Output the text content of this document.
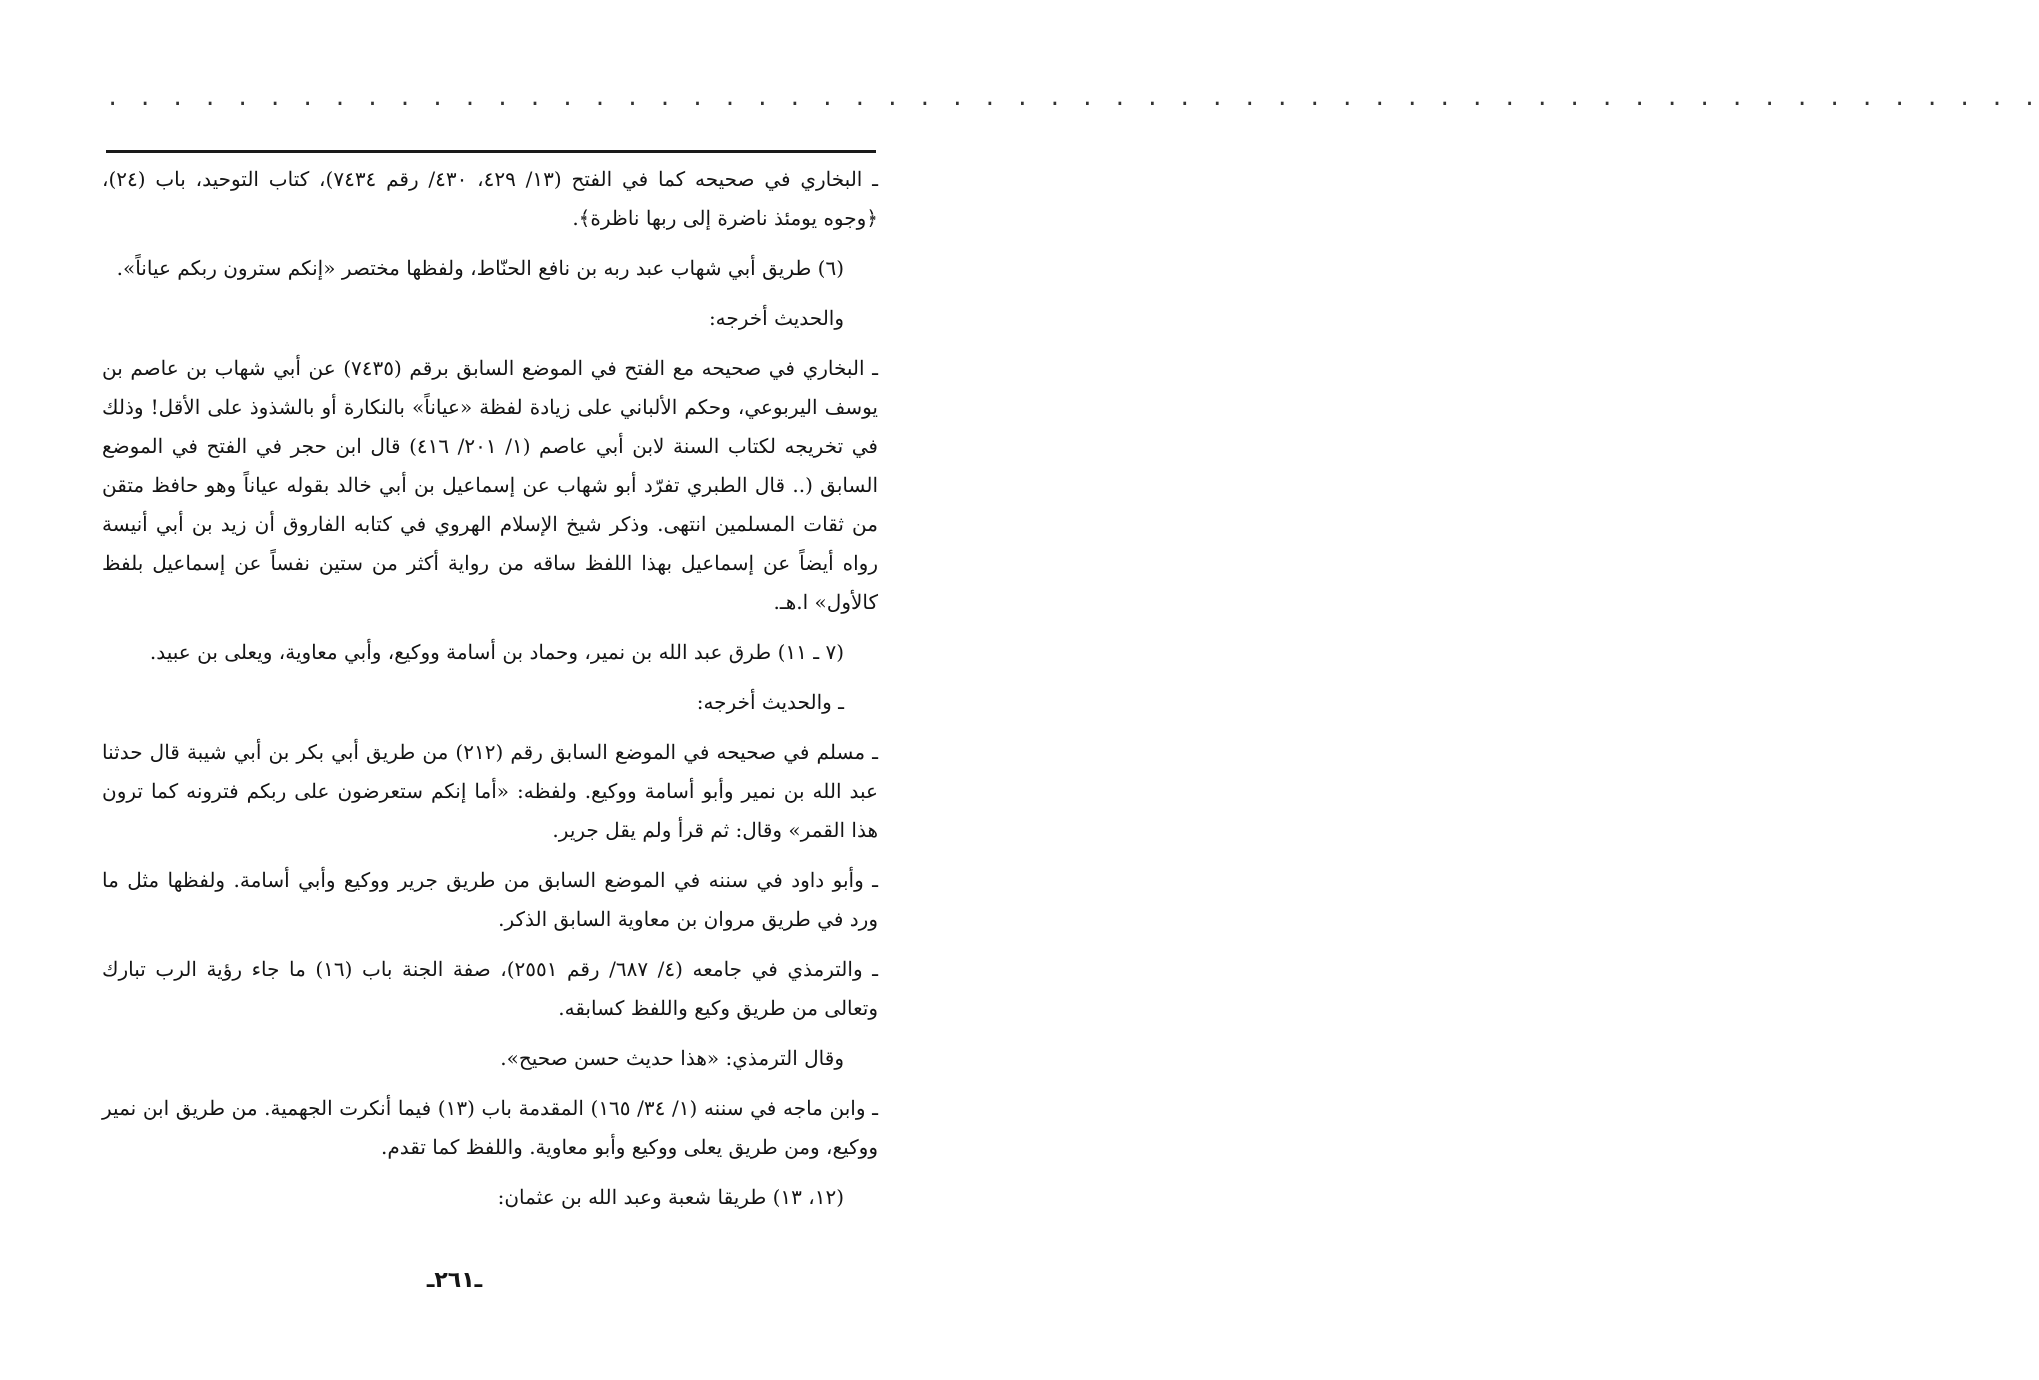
. . . . . . . . . . . . . . . . . . . . . . . . . . . . . . . . . . . . . . . . . . . . . . . . . . . . . . . . . . . .

ـ البخاري في صحيحه كما في الفتح (١٣/ ٤٢٩، ٤٣٠/ رقم ٧٤٣٤)، كتاب التوحيد، باب (٢٤)، ﴿وجوه يومئذ ناضرة إلى ربها ناظرة﴾.

(٦) طريق أبي شهاب عبد ربه بن نافع الحنّاط، ولفظها مختصر «إنكم سترون ربكم عياناً».

والحديث أخرجه:

ـ البخاري في صحيحه مع الفتح في الموضع السابق برقم (٧٤٣٥) عن أبي شهاب بن عاصم بن يوسف اليربوعي، وحكم الألباني على زيادة لفظة «عياناً» بالنكارة أو بالشذوذ على الأقل! وذلك في تخريجه لكتاب السنة لابن أبي عاصم (١/ ٢٠١/ ٤١٦) قال ابن حجر في الفتح في الموضع السابق (.. قال الطبري تفرّد أبو شهاب عن إسماعيل بن أبي خالد بقوله عياناً وهو حافظ متقن من ثقات المسلمين انتهى. وذكر شيخ الإسلام الهروي في كتابه الفاروق أن زيد بن أبي أنيسة رواه أيضاً عن إسماعيل بهذا اللفظ ساقه من رواية أكثر من ستين نفساً عن إسماعيل بلفظ كالأول» ا.هـ.

(٧ ـ ١١) طرق عبد الله بن نمير، وحماد بن أسامة ووكيع، وأبي معاوية، ويعلى بن عبيد.

ـ والحديث أخرجه:

ـ مسلم في صحيحه في الموضع السابق رقم (٢١٢) من طريق أبي بكر بن أبي شيبة قال حدثنا عبد الله بن نمير وأبو أسامة ووكيع. ولفظه: «أما إنكم ستعرضون على ربكم فترونه كما ترون هذا القمر» وقال: ثم قرأ ولم يقل جرير.

ـ وأبو داود في سننه في الموضع السابق من طريق جرير ووكيع وأبي أسامة. ولفظها مثل ما ورد في طريق مروان بن معاوية السابق الذكر.

ـ والترمذي في جامعه (٤/ ٦٨٧/ رقم ٢٥٥١)، صفة الجنة باب (١٦) ما جاء رؤية الرب تبارك وتعالى من طريق وكيع واللفظ كسابقه.

وقال الترمذي: «هذا حديث حسن صحيح».

ـ وابن ماجه في سننه (١/ ٣٤/ ١٦٥) المقدمة باب (١٣) فيما أنكرت الجهمية. من طريق ابن نمير ووكيع، ومن طريق يعلى ووكيع وأبو معاوية. واللفظ كما تقدم.

(١٢، ١٣) طريقا شعبة وعبد الله بن عثمان:

ـ٢٦١ـ
